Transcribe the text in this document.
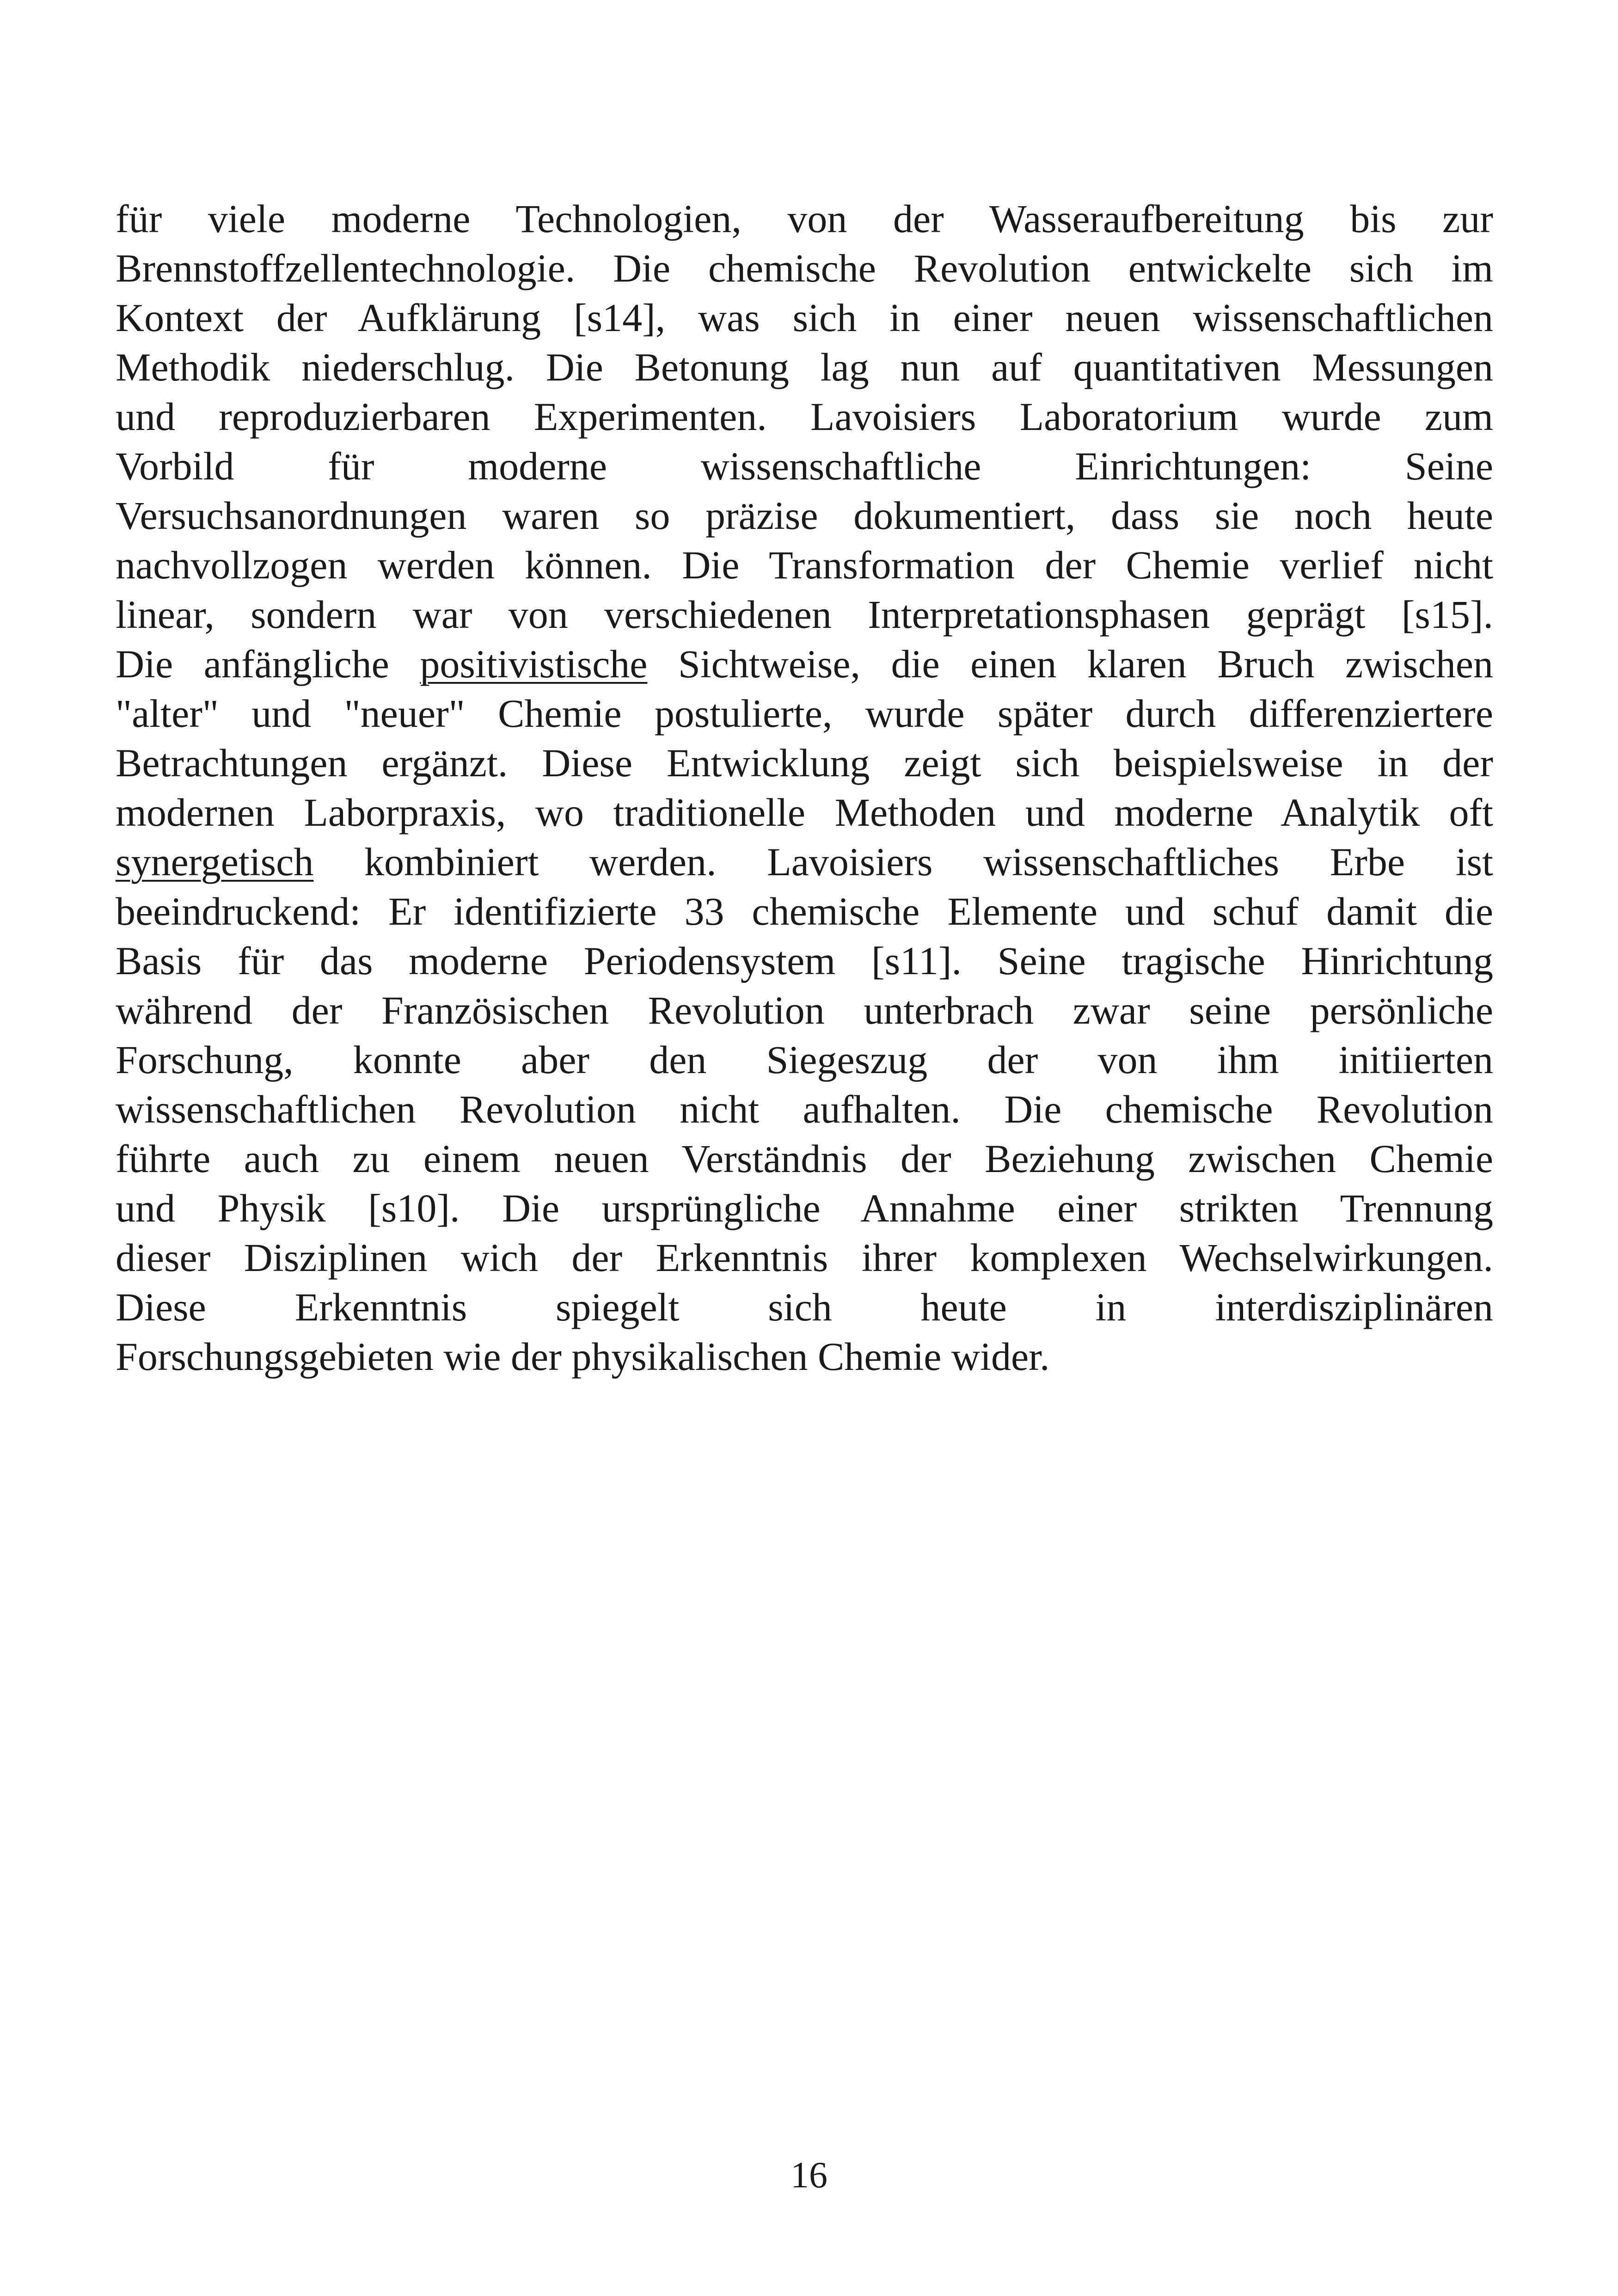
für viele moderne Technologien, von der Wasseraufbereitung bis zur
Brennstoffzellentechnologie. Die chemische Revolution entwickelte sich im
Kontext der Aufklärung [s14], was sich in einer neuen wissenschaftlichen
Methodik niederschlug. Die Betonung lag nun auf quantitativen Messungen
und reproduzierbaren Experimenten. Lavoisiers Laboratorium wurde zum
Vorbild für moderne wissenschaftliche Einrichtungen: Seine
Versuchsanordnungen waren so präzise dokumentiert, dass sie noch heute
nachvollzogen werden können. Die Transformation der Chemie verlief nicht
linear, sondern war von verschiedenen Interpretationsphasen geprägt [s15].
Die anfängliche positivistische Sichtweise, die einen klaren Bruch zwischen
"alter" und "neuer" Chemie postulierte, wurde später durch differenziertere
Betrachtungen ergänzt. Diese Entwicklung zeigt sich beispielsweise in der
modernen Laborpraxis, wo traditionelle Methoden und moderne Analytik oft
synergetisch kombiniert werden. Lavoisiers wissenschaftliches Erbe ist
beeindruckend: Er identifizierte 33 chemische Elemente und schuf damit die
Basis für das moderne Periodensystem [s11]. Seine tragische Hinrichtung
während der Französischen Revolution unterbrach zwar seine persönliche
Forschung, konnte aber den Siegeszug der von ihm initiierten
wissenschaftlichen Revolution nicht aufhalten. Die chemische Revolution
führte auch zu einem neuen Verständnis der Beziehung zwischen Chemie
und Physik [s10]. Die ursprüngliche Annahme einer strikten Trennung
dieser Disziplinen wich der Erkenntnis ihrer komplexen Wechselwirkungen.
Diese Erkenntnis spiegelt sich heute in interdisziplinären
Forschungsgebieten wie der physikalischen Chemie wider.
16
